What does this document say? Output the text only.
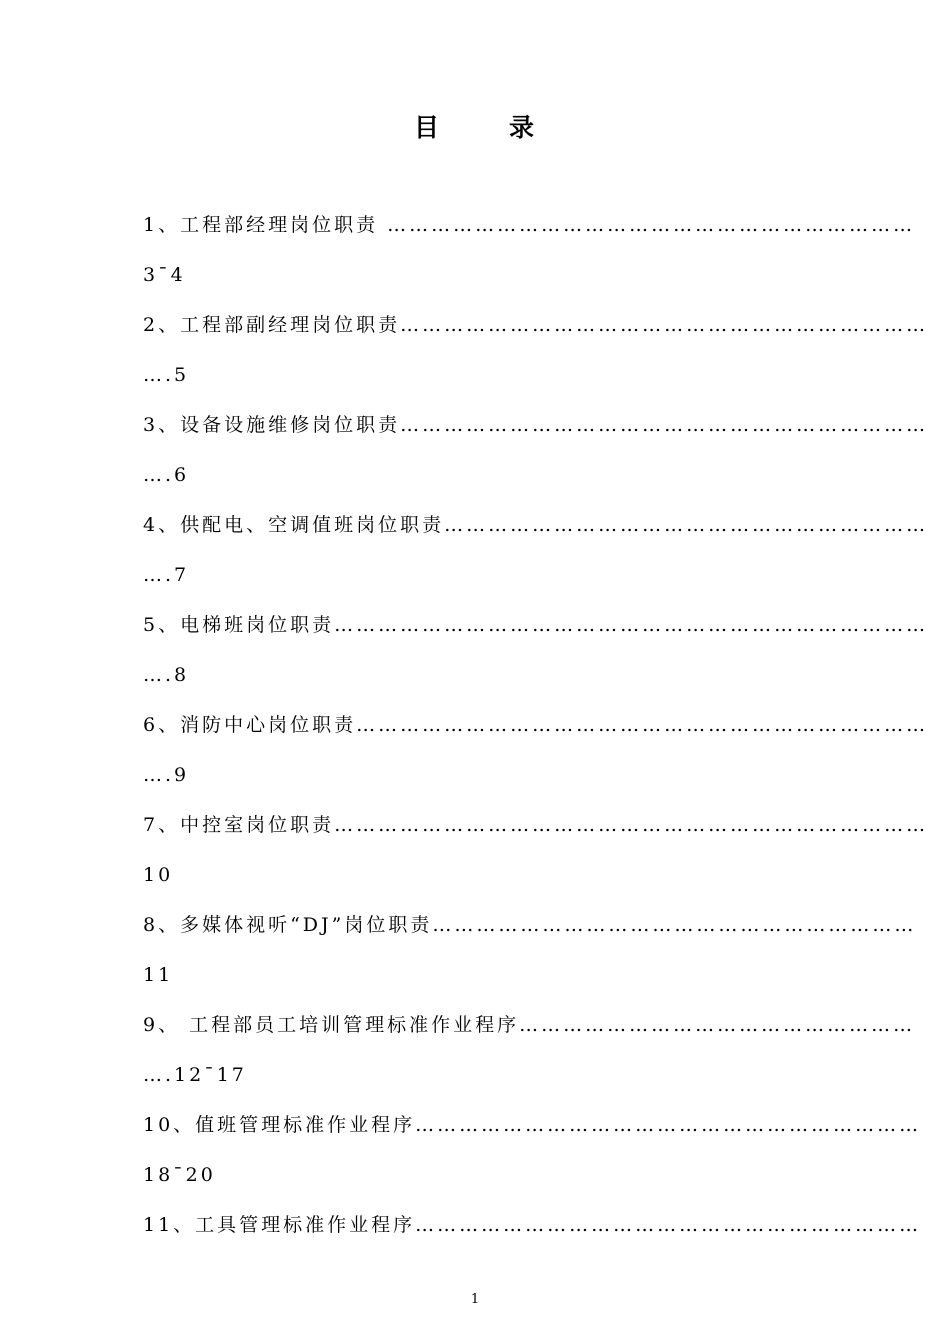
目	录
1、工程部经理岗位职责 ………………………………………………………………
3¯4
2、工程部副经理岗位职责………………………………………………………………
….5
3、设备设施维修岗位职责………………………………………………………………
….6
4、供配电、空调值班岗位职责…………………………………………………………
….7
5、电梯班岗位职责………………………………………………………………………
….8
6、消防中心岗位职责……………………………………………………………………
….9
7、中控室岗位职责………………………………………………………………………
10
8、多媒体视听“DJ”岗位职责…………………………………………………………
11
9、 工程部员工培训管理标准作业程序………………………………………………
….12¯17
10、值班管理标准作业程序……………………………………………………………
18¯20
11、工具管理标准作业程序……………………………………………………………
1
